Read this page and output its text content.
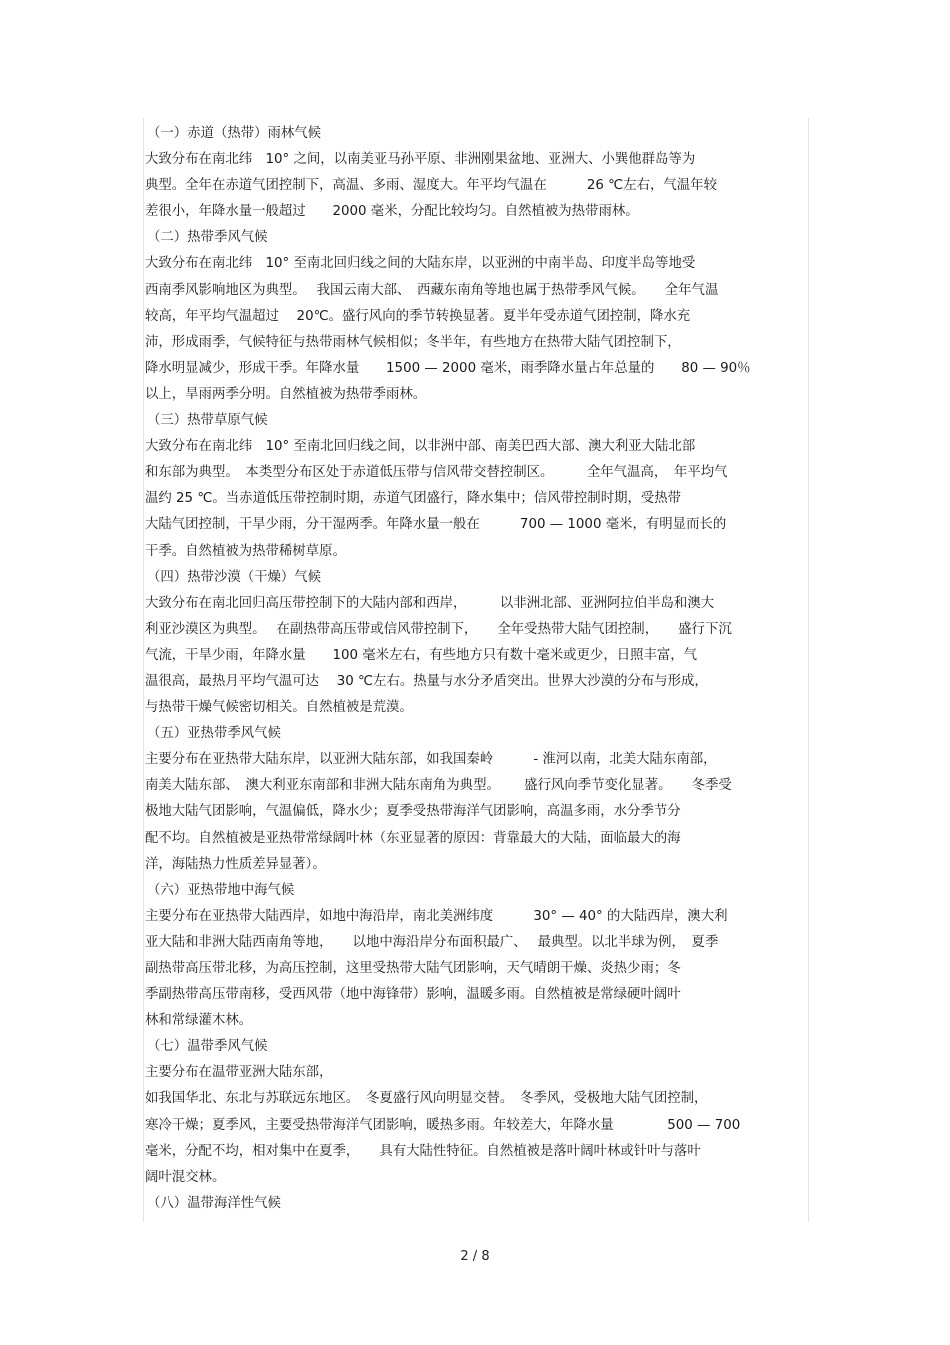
（一）赤道（热带）雨林气候
大致分布在南北纬　10° 之间，以南美亚马孙平原、非洲刚果盆地、亚洲大、小巽他群岛等为
典型。全年在赤道气团控制下，高温、多雨、湿度大。年平均气温在　　　26 ℃左右，气温年较
差很小，年降水量一般超过　　2000 毫米，分配比较均匀。自然植被为热带雨林。
（二）热带季风气候
大致分布在南北纬　10° 至南北回归线之间的大陆东岸，以亚洲的中南半岛、印度半岛等地受
西南季风影响地区为典型。　 我国云南大部、　西藏东南角等地也属于热带季风气候。　　全年气温
较高，年平均气温超过　 20℃。盛行风向的季节转换显著。夏半年受赤道气团控制，降水充
沛，形成雨季，气候特征与热带雨林气候相似；冬半年，有些地方在热带大陆气团控制下，
降水明显减少，形成干季。年降水量　　1500 — 2000 毫米，雨季降水量占年总量的　　80 — 90％
以上，旱雨两季分明。自然植被为热带季雨林。
（三）热带草原气候
大致分布在南北纬　10° 至南北回归线之间，以非洲中部、南美巴西大部、澳大利亚大陆北部
和东部为典型。　本类型分布区处于赤道低压带与信风带交替控制区。　　　全年气温高，　年平均气
温约 25 ℃。当赤道低压带控制时期，赤道气团盛行，降水集中；信风带控制时期，受热带
大陆气团控制，干旱少雨，分干湿两季。年降水量一般在　　　700 — 1000 毫米，有明显而长的
干季。自然植被为热带稀树草原。
（四）热带沙漠（干燥）气候
大致分布在南北回归高压带控制下的大陆内部和西岸，　　　以非洲北部、亚洲阿拉伯半岛和澳大
利亚沙漠区为典型。　 在副热带高压带或信风带控制下，　　全年受热带大陆气团控制，　　盛行下沉
气流，干旱少雨，年降水量　　100 毫米左右，有些地方只有数十毫米或更少，日照丰富，气
温很高，最热月平均气温可达　 30 ℃左右。热量与水分矛盾突出。世界大沙漠的分布与形成，
与热带干燥气候密切相关。自然植被是荒漠。
（五）亚热带季风气候
主要分布在亚热带大陆东岸，以亚洲大陆东部，如我国秦岭　　　- 淮河以南，北美大陆东南部，
南美大陆东部、　澳大利亚东南部和非洲大陆东南角为典型。　　 盛行风向季节变化显著。　　冬季受
极地大陆气团影响，气温偏低，降水少；夏季受热带海洋气团影响，高温多雨，水分季节分
配不均。自然植被是亚热带常绿阔叶林（东亚显著的原因：背靠最大的大陆，面临最大的海
洋，海陆热力性质差异显著）。
（六）亚热带地中海气候
主要分布在亚热带大陆西岸，如地中海沿岸，南北美洲纬度　　　30° — 40° 的大陆西岸，澳大利
亚大陆和非洲大陆西南角等地，　　以地中海沿岸分布面积最广、　 最典型。以北半球为例，　夏季
副热带高压带北移，为高压控制，这里受热带大陆气团影响，天气晴朗干燥、炎热少雨；冬
季副热带高压带南移，受西风带（地中海锋带）影响，温暖多雨。自然植被是常绿硬叶阔叶
林和常绿灌木林。
（七）温带季风气候
主要分布在温带亚洲大陆东部，
如我国华北、东北与苏联远东地区。　冬夏盛行风向明显交替。　冬季风，受极地大陆气团控制，
寒冷干燥；夏季风，主要受热带海洋气团影响，暖热多雨。年较差大，年降水量　　　　500 — 700
毫米，分配不均，相对集中在夏季，　　具有大陆性特征。自然植被是落叶阔叶林或针叶与落叶
阔叶混交林。
（八）温带海洋性气候
2 / 8
